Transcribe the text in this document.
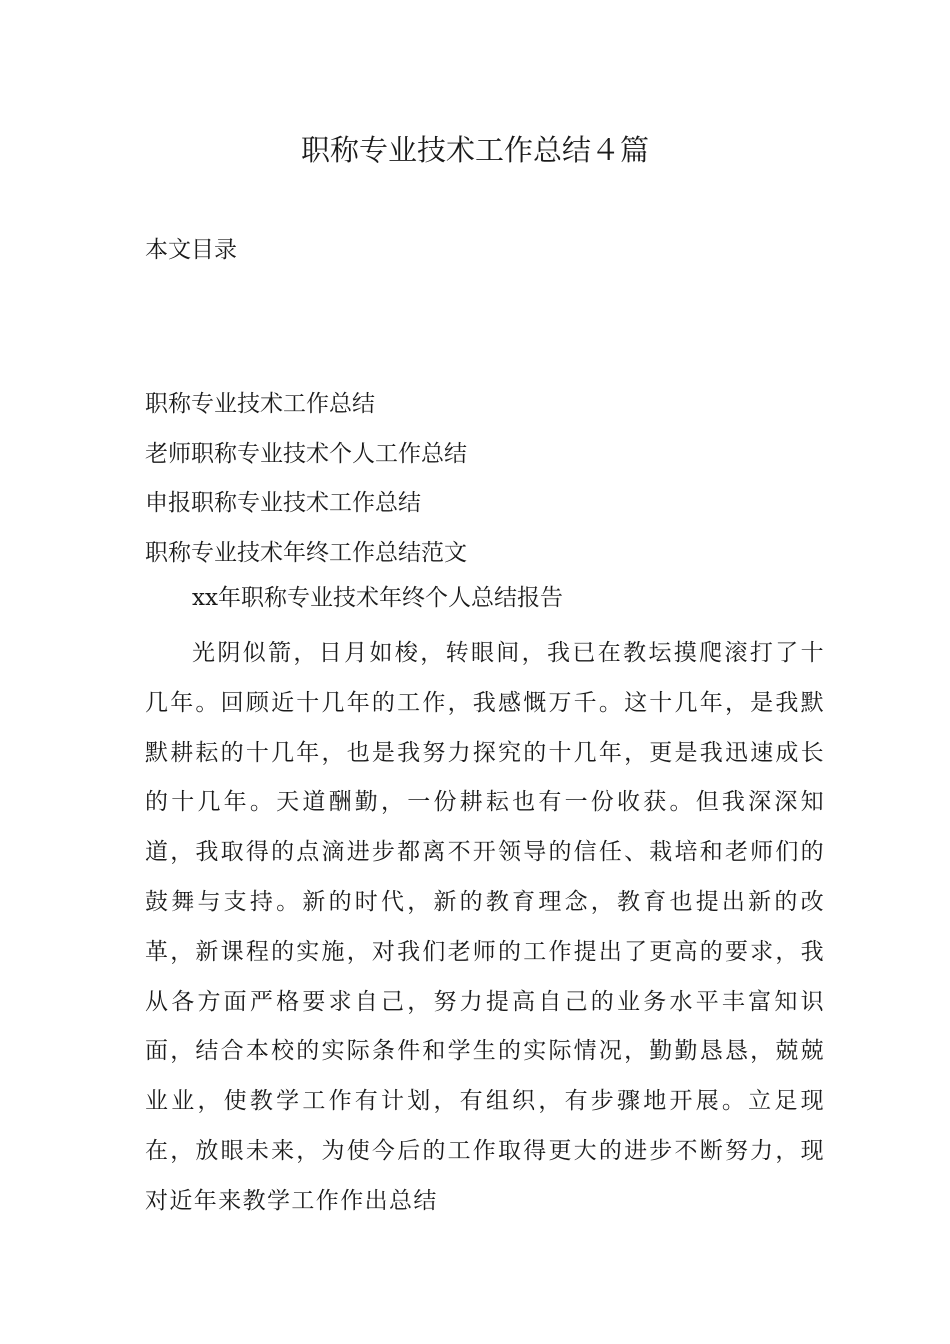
职称专业技术工作总结４篇
本文目录
职称专业技术工作总结
老师职称专业技术个人工作总结
申报职称专业技术工作总结
职称专业技术年终工作总结范文
xx年职称专业技术年终个人总结报告

光阴似箭，日月如梭，转眼间，我已在教坛摸爬滚打了十几年。回顾近十几年的工作，我感慨万千。这十几年，是我默默耕耘的十几年，也是我努力探究的十几年，更是我迅速成长的十几年。天道酬勤，一份耕耘也有一份收获。但我深深知道，我取得的点滴进步都离不开领导的信任、栽培和老师们的鼓舞与支持。新的时代，新的教育理念，教育也提出新的改革，新课程的实施，对我们老师的工作提出了更高的要求，我从各方面严格要求自己，努力提高自己的业务水平丰富知识面，结合本校的实际条件和学生的实际情况，勤勤恳恳，兢兢业业，使教学工作有计划，有组织，有步骤地开展。立足现在，放眼未来，为使今后的工作取得更大的进步不断努力，现对近年来教学工作作出总结
